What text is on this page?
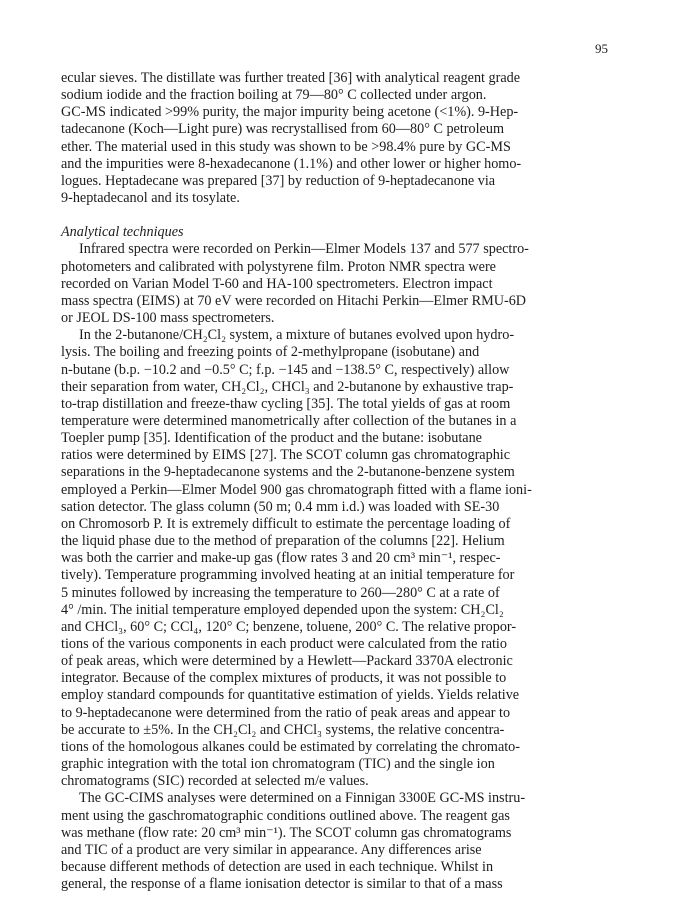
95
ecular sieves. The distillate was further treated [36] with analytical reagent grade
sodium iodide and the fraction boiling at 79—80° C collected under argon.
GC-MS indicated >99% purity, the major impurity being acetone (<1%). 9-Hep-
tadecanone (Koch—Light pure) was recrystallised from 60—80° C petroleum
ether. The material used in this study was shown to be >98.4% pure by GC-MS
and the impurities were 8-hexadecanone (1.1%) and other lower or higher homo-
logues. Heptadecane was prepared [37] by reduction of 9-heptadecanone via
9-heptadecanol and its tosylate.
Analytical techniques
Infrared spectra were recorded on Perkin—Elmer Models 137 and 577 spectro-
photometers and calibrated with polystyrene film. Proton NMR spectra were
recorded on Varian Model T-60 and HA-100 spectrometers. Electron impact
mass spectra (EIMS) at 70 eV were recorded on Hitachi Perkin—Elmer RMU-6D
or JEOL DS-100 mass spectrometers.
In the 2-butanone/CH₂Cl₂ system, a mixture of butanes evolved upon hydro-
lysis. The boiling and freezing points of 2-methylpropane (isobutane) and
n-butane (b.p. −10.2 and −0.5° C; f.p. −145 and −138.5° C, respectively) allow
their separation from water, CH₂Cl₂, CHCl₃ and 2-butanone by exhaustive trap-
to-trap distillation and freeze-thaw cycling [35]. The total yields of gas at room
temperature were determined manometrically after collection of the butanes in a
Toepler pump [35]. Identification of the product and the butane: isobutane
ratios were determined by EIMS [27]. The SCOT column gas chromatographic
separations in the 9-heptadecanone systems and the 2-butanone-benzene system
employed a Perkin—Elmer Model 900 gas chromatograph fitted with a flame ioni-
sation detector. The glass column (50 m; 0.4 mm i.d.) was loaded with SE-30
on Chromosorb P. It is extremely difficult to estimate the percentage loading of
the liquid phase due to the method of preparation of the columns [22]. Helium
was both the carrier and make-up gas (flow rates 3 and 20 cm³ min⁻¹, respec-
tively). Temperature programming involved heating at an initial temperature for
5 minutes followed by increasing the temperature to 260—280° C at a rate of
4° /min. The initial temperature employed depended upon the system: CH₂Cl₂
and CHCl₃, 60° C; CCl₄, 120° C; benzene, toluene, 200° C. The relative propor-
tions of the various components in each product were calculated from the ratio
of peak areas, which were determined by a Hewlett—Packard 3370A electronic
integrator. Because of the complex mixtures of products, it was not possible to
employ standard compounds for quantitative estimation of yields. Yields relative
to 9-heptadecanone were determined from the ratio of peak areas and appear to
be accurate to ±5%. In the CH₂Cl₂ and CHCl₃ systems, the relative concentra-
tions of the homologous alkanes could be estimated by correlating the chromato-
graphic integration with the total ion chromatogram (TIC) and the single ion
chromatograms (SIC) recorded at selected m/e values.
The GC-CIMS analyses were determined on a Finnigan 3300E GC-MS instru-
ment using the gaschromatographic conditions outlined above. The reagent gas
was methane (flow rate: 20 cm³ min⁻¹). The SCOT column gas chromatograms
and TIC of a product are very similar in appearance. Any differences arise
because different methods of detection are used in each technique. Whilst in
general, the response of a flame ionisation detector is similar to that of a mass
